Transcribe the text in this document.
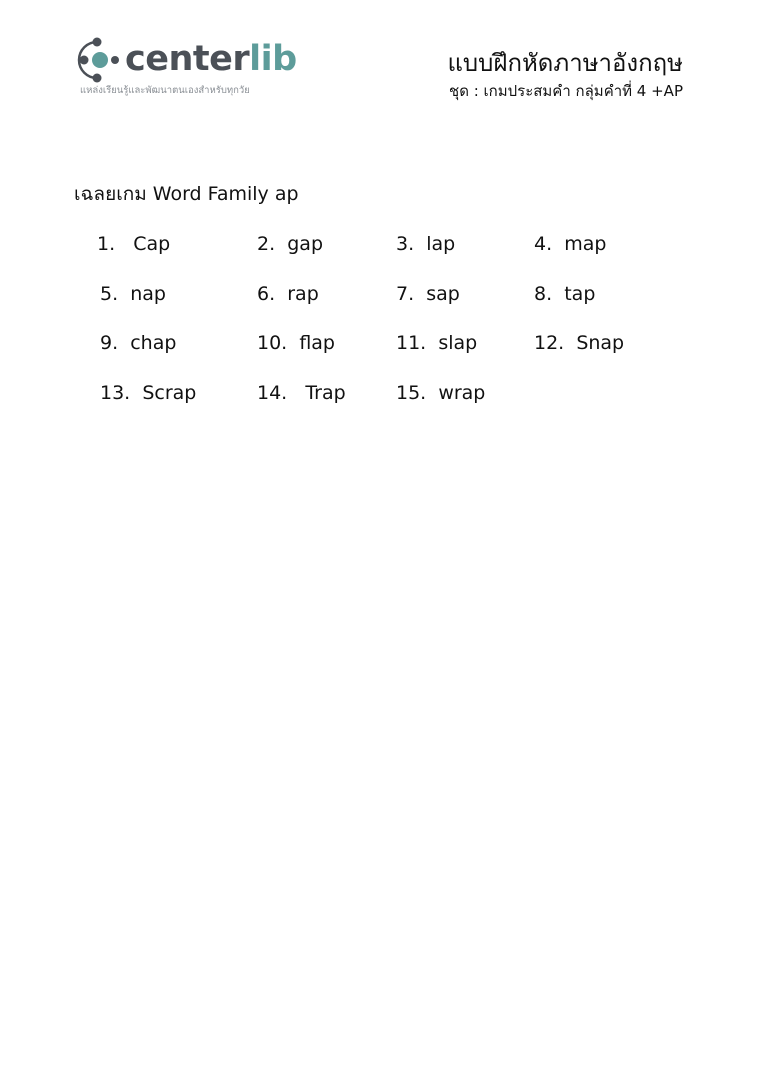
centerlib
แหล่งเรียนรู้และพัฒนาตนเองสำหรับทุกวัย
แบบฝึกหัดภาษาอังกฤษ
ชุด : เกมประสมคำ กลุ่มคำที่ 4 +AP
เฉลยเกม Word Family ap
1. Cap	2. gap	3. lap	4. map
5. nap	6. rap	7. sap	8. tap
9. chap	10. flap	11. slap	12. Snap
13. Scrap	14. Trap	15. wrap
